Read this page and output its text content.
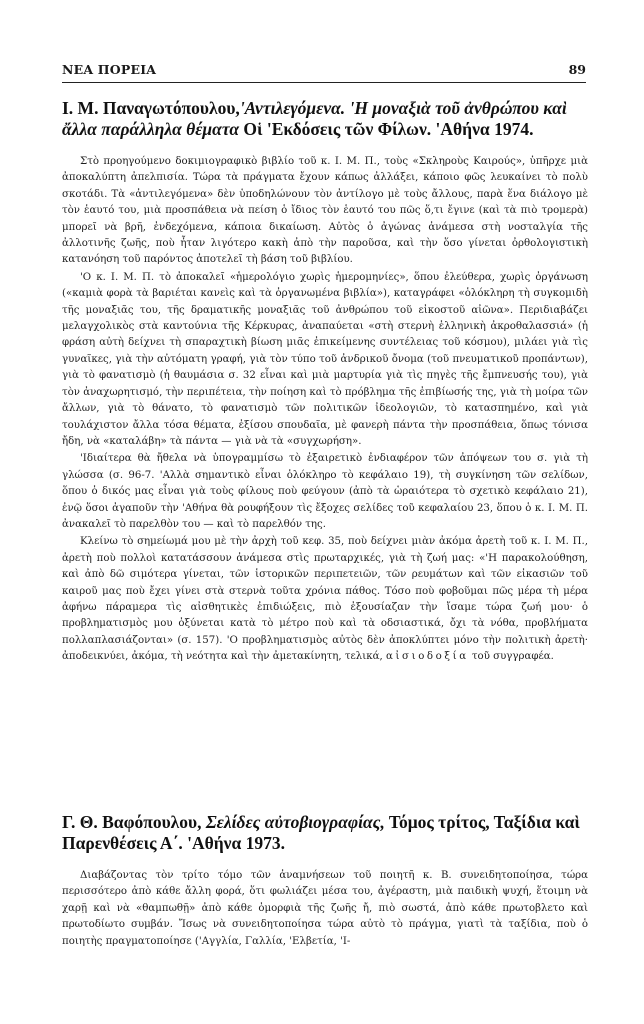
ΝΕΑ ΠΟΡΕΙΑ	89
Ι. Μ. Παναγωτόπουλου,'Αντιλεγόμενα. 'Η μοναξιὰ τοῦ ἀνθρώπου καὶ ἄλλα παράλληλα θέματα Οἱ 'Εκδόσεις τῶν Φίλων. 'Αθήνα 1974.

Στὸ προηγούμενο δοκιμιογραφικὸ βιβλίο τοῦ κ. Ι. Μ. Π., τοὺς «Σκληροὺς Καιρούς», ὑπῆρχε μιὰ ἀποκαλύπτη ἀπελπισία. Τώρα τὰ πράγματα ἔχουν κάπως ἀλλάξει, κάποιο φῶς λευκαίνει τὸ πολὺ σκοτάδι. Τὰ «ἀντιλεγόμενα» δὲν ὑποδηλώνουν τὸν ἀντίλογο μὲ τοὺς ἄλλους, παρὰ ἕνα διάλογο μὲ τὸν ἑαυτό του, μιὰ προσπάθεια νὰ πείση ὁ ἴδιος τὸν ἑαυτό του πῶς ὅ,τι ἔγινε (καὶ τὰ πιὸ τρομερὰ) μπορεῖ νὰ βρῆ, ἐνδεχόμενα, κάποια δικαίωση. Αὐτὸς ὁ ἀγώνας ἀνάμεσα στὴ νοσταλγία τῆς ἀλλοτινῆς ζωῆς, ποὺ ἦταν λιγότερο κακὴ ἀπὸ τὴν παροῦσα, καὶ τὴν ὅσο γίνεται ὀρθολογιστικὴ κατανόηση τοῦ παρόντος ἀποτελεῖ τὴ βάση τοῦ βιβλίου.

'Ο κ. Ι. Μ. Π. τὸ ἀποκαλεῖ «ἡμερολόγιο χωρὶς ἡμερομηνίες», ὅπου ἐλεύθερα, χωρὶς ὀργάνωση («καμιὰ φορὰ τὰ βαριέται κανεὶς καὶ τὰ ὀργανωμένα βιβλία»), καταγράφει «ὁλόκληρη τὴ συγκομιδὴ τῆς μοναξιᾶς του, τῆς δραματικῆς μοναξιᾶς τοῦ ἀνθρώπου τοῦ εἰκοστοῦ αἰῶνα». Περιδιαβάζει μελαγχολικὸς στὰ καντούνια τῆς Κέρκυρας, ἀναπαύεται «στὴ στερνὴ ἑλληνικὴ ἀκροθαλασσιά» (ἡ φράση αὐτὴ δείχνει τὴ σπαραχτικὴ βίωση μιᾶς ἐπικείμενης συντέλειας τοῦ κόσμου), μιλάει γιὰ τὶς γυναῖκες, γιὰ τὴν αὐτόματη γραφή, γιὰ τὸν τύπο τοῦ ἀνδρικοῦ ὄνομα (τοῦ πνευματικοῦ προπάντων), γιὰ τὸ φανατισμὸ (ἡ θαυμάσια σ. 32 εἶναι καὶ μιὰ μαρτυρία γιὰ τὶς πηγὲς τῆς ἔμπνευσής του), γιὰ τὸν ἀναχωρητισμό, τὴν περιπέτεια, τὴν ποίηση καὶ τὸ πρόβλημα τῆς ἐπιβίωσής της, γιὰ τὴ μοίρα τῶν ἄλλων, γιὰ τὸ θάνατο, τὸ φανατισμὸ τῶν πολιτικῶν ἰδεολογιῶν, τὸ κατασπημένο, καὶ γιὰ τουλάχιστον ἄλλα τόσα θέματα, ἐξίσου σπουδαῖα, μὲ φανερὴ πάντα τὴν προσπάθεια, ὅπως τόνισα ἤδη, νὰ «καταλάβη» τὰ πάντα — γιὰ νὰ τὰ «συγχωρήση».

'Ιδιαίτερα θὰ ἤθελα νὰ ὑπογραμμίσω τὸ ἐξαιρετικὸ ἐνδιαφέρον τῶν ἀπόψεων του σ. γιὰ τὴ γλώσσα (σ. 96-7. 'Αλλὰ σημαντικὸ εἶναι ὁλόκληρο τὸ κεφάλαιο 19), τὴ συγκίνηση τῶν σελίδων, ὅπου ὁ δικός μας εἶναι γιὰ τοὺς φίλους ποὺ φεύγουν (ἀπὸ τὰ ὡραιότερα τὸ σχετικὸ κεφάλαιο 21), ἐνῷ ὅσοι ἀγαποῦν τὴν 'Αθήνα θὰ ρουφήξουν τὶς ἔξοχες σελίδες τοῦ κεφαλαίου 23, ὅπου ὁ κ. Ι. Μ. Π. ἀνακαλεῖ τὸ παρελθὸν του — καὶ τὸ παρελθόν της.

Κλείνω τὸ σημείωμά μου μὲ τὴν ἀρχὴ τοῦ κεφ. 35, ποὺ δείχνει μιὰν ἀκόμα ἀρετὴ τοῦ κ. Ι. Μ. Π., ἀρετὴ ποὺ πολλοὶ κατατάσσουν ἀνάμεσα στὶς πρωταρχικές, γιὰ τὴ ζωή μας: «'Η παρακολούθηση, καὶ ἀπὸ δῶ σιμότερα γίνεται, τῶν ἱστορικῶν περιπετειῶν, τῶν ρευμάτων καὶ τῶν εἰκασιῶν τοῦ καιροῦ μας ποὺ ἔχει γίνει στὰ στερνὰ τοῦτα χρόνια πάθος. Τόσο ποὺ φοβοῦμαι πῶς μέρα τὴ μέρα ἀφήνω πάραμερα τὶς αἰσθητικὲς ἐπιδιώξεις, πιὸ ἐξουσίαζαν τὴν ἴσαμε τώρα ζωή μου· ὁ προβληματισμὸς μου ὀξύνεται κατὰ τὸ μέτρο ποὺ καὶ τὰ οδσιαστικά, ὄχι τὰ νόθα, προβλήματα πολλαπλασιάζονται» (σ. 157). 'Ο προβληματισμὸς αὐτὸς δὲν ἀποκλύπτει μόνο τὴν πολιτικὴ ἀρετὴ· ἀποδεικνύει, ἀκόμα, τὴ νεότητα καὶ τὴν ἀμετακίνητη, τελικά, αἰσιοδοξία τοῦ συγγραφέα.

Γ. Θ. Βαφόπουλου, Σελίδες αὐτοβιογραφίας, Τόμος τρίτος, Ταξίδια καὶ Παρενθέσεις Α΄. 'Αθήνα 1973.

Διαβάζοντας τὸν τρίτο τόμο τῶν ἀναμνήσεων τοῦ ποιητῆ κ. Β. συνειδητοποίησα, τώρα περισσότερο ἀπὸ κάθε ἄλλη φορά, ὅτι φωλιάζει μέσα του, ἀγέραστη, μιὰ παιδικὴ ψυχή, ἕτοιμη νὰ χαρῇ καὶ νὰ «θαμπωθῇ» ἀπὸ κάθε ὀμορφιὰ τῆς ζωῆς ἤ, πιὸ σωστά, ἀπὸ κάθε πρωτοβλετο καὶ πρωτοδίωτο συμβάν. Ἴσως νὰ συνειδητοποίησα τώρα αὐτὸ τὸ πράγμα, γιατὶ τὰ ταξίδια, ποὺ ὁ ποιητὴς πραγματοποίησε ('Αγγλία, Γαλλία, 'Ελβετία, 'Ι-
